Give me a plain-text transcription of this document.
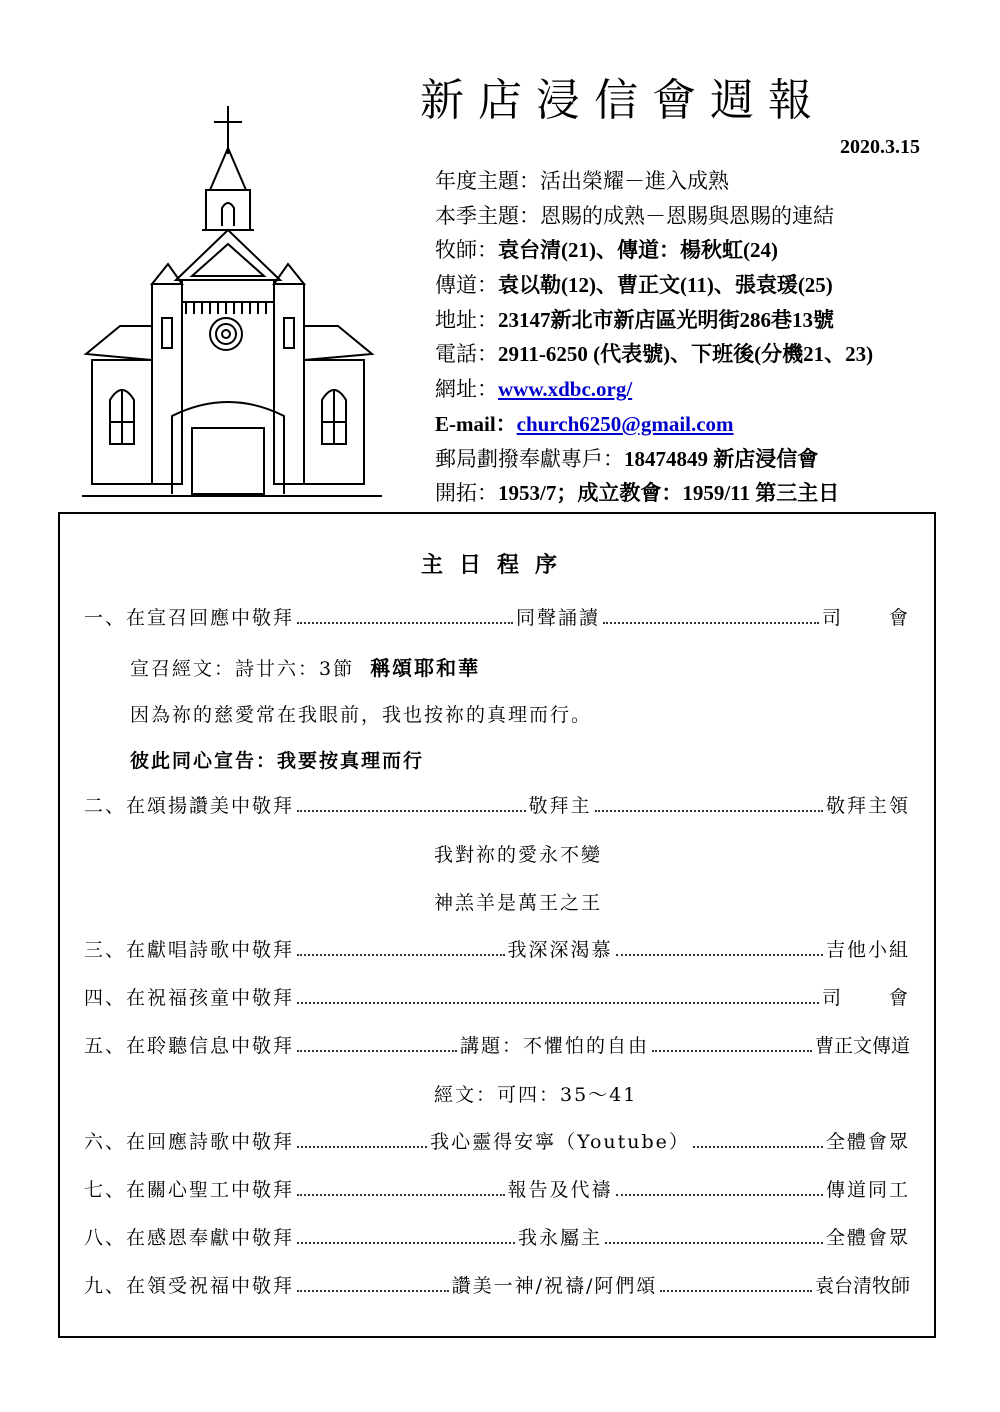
新店浸信會週報
2020.3.15
年度主題：活出榮耀－進入成熟
本季主題：恩賜的成熟－恩賜與恩賜的連結
牧師：袁台清(21)、傳道：楊秋虹(24)
傳道：袁以勒(12)、曹正文(11)、張袁瑗(25)
地址：23147新北市新店區光明街286巷13號
電話：2911-6250 (代表號)、下班後(分機21、23)
網址：www.xdbc.org/
E-mail：church6250@gmail.com
郵局劃撥奉獻專戶：18474849 新店浸信會
開拓：1953/7；成立教會：1959/11 第三主日
主日程序
一、在宣召回應中敬拜	同聲誦讀	司 會
宣召經文：詩廿六：3節 稱頌耶和華
因為祢的慈愛常在我眼前，我也按祢的真理而行。
彼此同心宣告：我要按真理而行
二、在頌揚讚美中敬拜	敬拜主	敬拜主領
我對祢的愛永不變
神羔羊是萬王之王
三、在獻唱詩歌中敬拜	我深深渴慕	吉他小組
四、在祝福孩童中敬拜	司 會
五、在聆聽信息中敬拜	講題：不懼怕的自由	曹正文傳道
經文：可四：35～41
六、在回應詩歌中敬拜	我心靈得安寧（Youtube）	全體會眾
七、在關心聖工中敬拜	報告及代禱	傳道同工
八、在感恩奉獻中敬拜	我永屬主	全體會眾
九、在領受祝福中敬拜	讚美一神/祝禱/阿們頌	袁台清牧師
